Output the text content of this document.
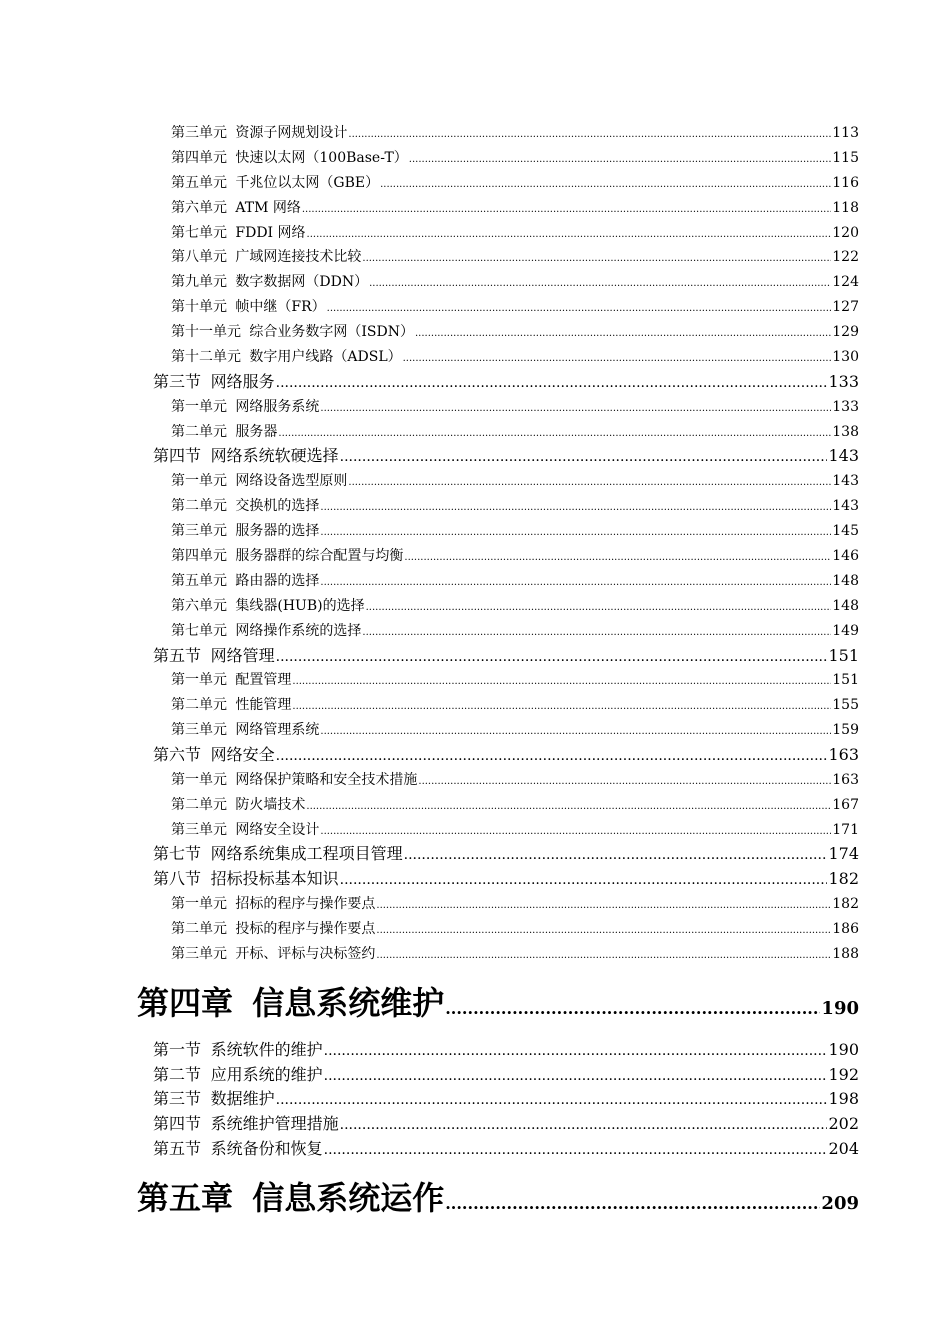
第三单元 资源子网规划设计 .....	113
第四单元 快速以太网（100Base-T） .....	115
第五单元 千兆位以太网（GBE） .....	116
第六单元 ATM 网络 .....	118
第七单元 FDDI 网络 .....	120
第八单元 广域网连接技术比较 .....	122
第九单元 数字数据网（DDN） .....	124
第十单元 帧中继（FR） .....	127
第十一单元 综合业务数字网（ISDN） .....	129
第十二单元 数字用户线路（ADSL） .....	130
第三节 网络服务 .....	133
第一单元 网络服务系统 .....	133
第二单元 服务器 .....	138
第四节 网络系统软硬选择 .....	143
第一单元 网络设备选型原则 .....	143
第二单元 交换机的选择 .....	143
第三单元 服务器的选择 .....	145
第四单元 服务器群的综合配置与均衡 .....	146
第五单元 路由器的选择 .....	148
第六单元 集线器(HUB)的选择 .....	148
第七单元 网络操作系统的选择 .....	149
第五节 网络管理 .....	151
第一单元 配置管理 .....	151
第二单元 性能管理 .....	155
第三单元 网络管理系统 .....	159
第六节 网络安全 .....	163
第一单元 网络保护策略和安全技术措施 .....	163
第二单元 防火墙技术 .....	167
第三单元 网络安全设计 .....	171
第七节 网络系统集成工程项目管理 .....	174
第八节 招标投标基本知识 .....	182
第一单元 招标的程序与操作要点 .....	182
第二单元 投标的程序与操作要点 .....	186
第三单元 开标、评标与决标签约 .....	188
第四章 信息系统维护 .....	190
第一节 系统软件的维护 .....	190
第二节 应用系统的维护 .....	192
第三节 数据维护 .....	198
第四节 系统维护管理措施 .....	202
第五节 系统备份和恢复 .....	204
第五章 信息系统运作 .....	209
